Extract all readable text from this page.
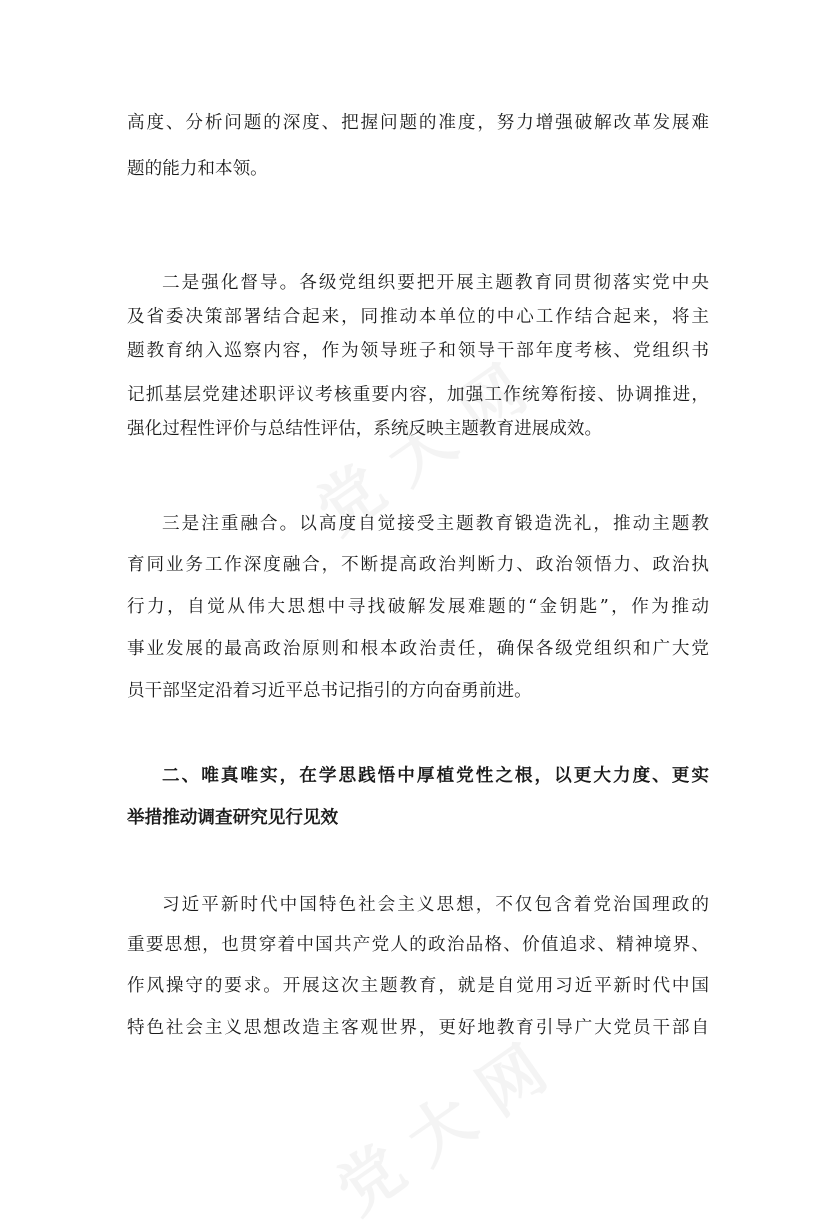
高度、分析问题的深度、把握问题的准度，努力增强破解改革发展难
题的能力和本领。
二是强化督导。各级党组织要把开展主题教育同贯彻落实党中央
及省委决策部署结合起来，同推动本单位的中心工作结合起来，将主
题教育纳入巡察内容，作为领导班子和领导干部年度考核、党组织书
记抓基层党建述职评议考核重要内容，加强工作统筹衔接、协调推进，
强化过程性评价与总结性评估，系统反映主题教育进展成效。
三是注重融合。以高度自觉接受主题教育锻造洗礼，推动主题教
育同业务工作深度融合，不断提高政治判断力、政治领悟力、政治执
行力，自觉从伟大思想中寻找破解发展难题的“金钥匙”，作为推动
事业发展的最高政治原则和根本政治责任，确保各级党组织和广大党
员干部坚定沿着习近平总书记指引的方向奋勇前进。
二、唯真唯实，在学思践悟中厚植党性之根，以更大力度、更实
举措推动调查研究见行见效
习近平新时代中国特色社会主义思想，不仅包含着党治国理政的
重要思想，也贯穿着中国共产党人的政治品格、价值追求、精神境界、
作风操守的要求。开展这次主题教育，就是自觉用习近平新时代中国
特色社会主义思想改造主客观世界，更好地教育引导广大党员干部自
